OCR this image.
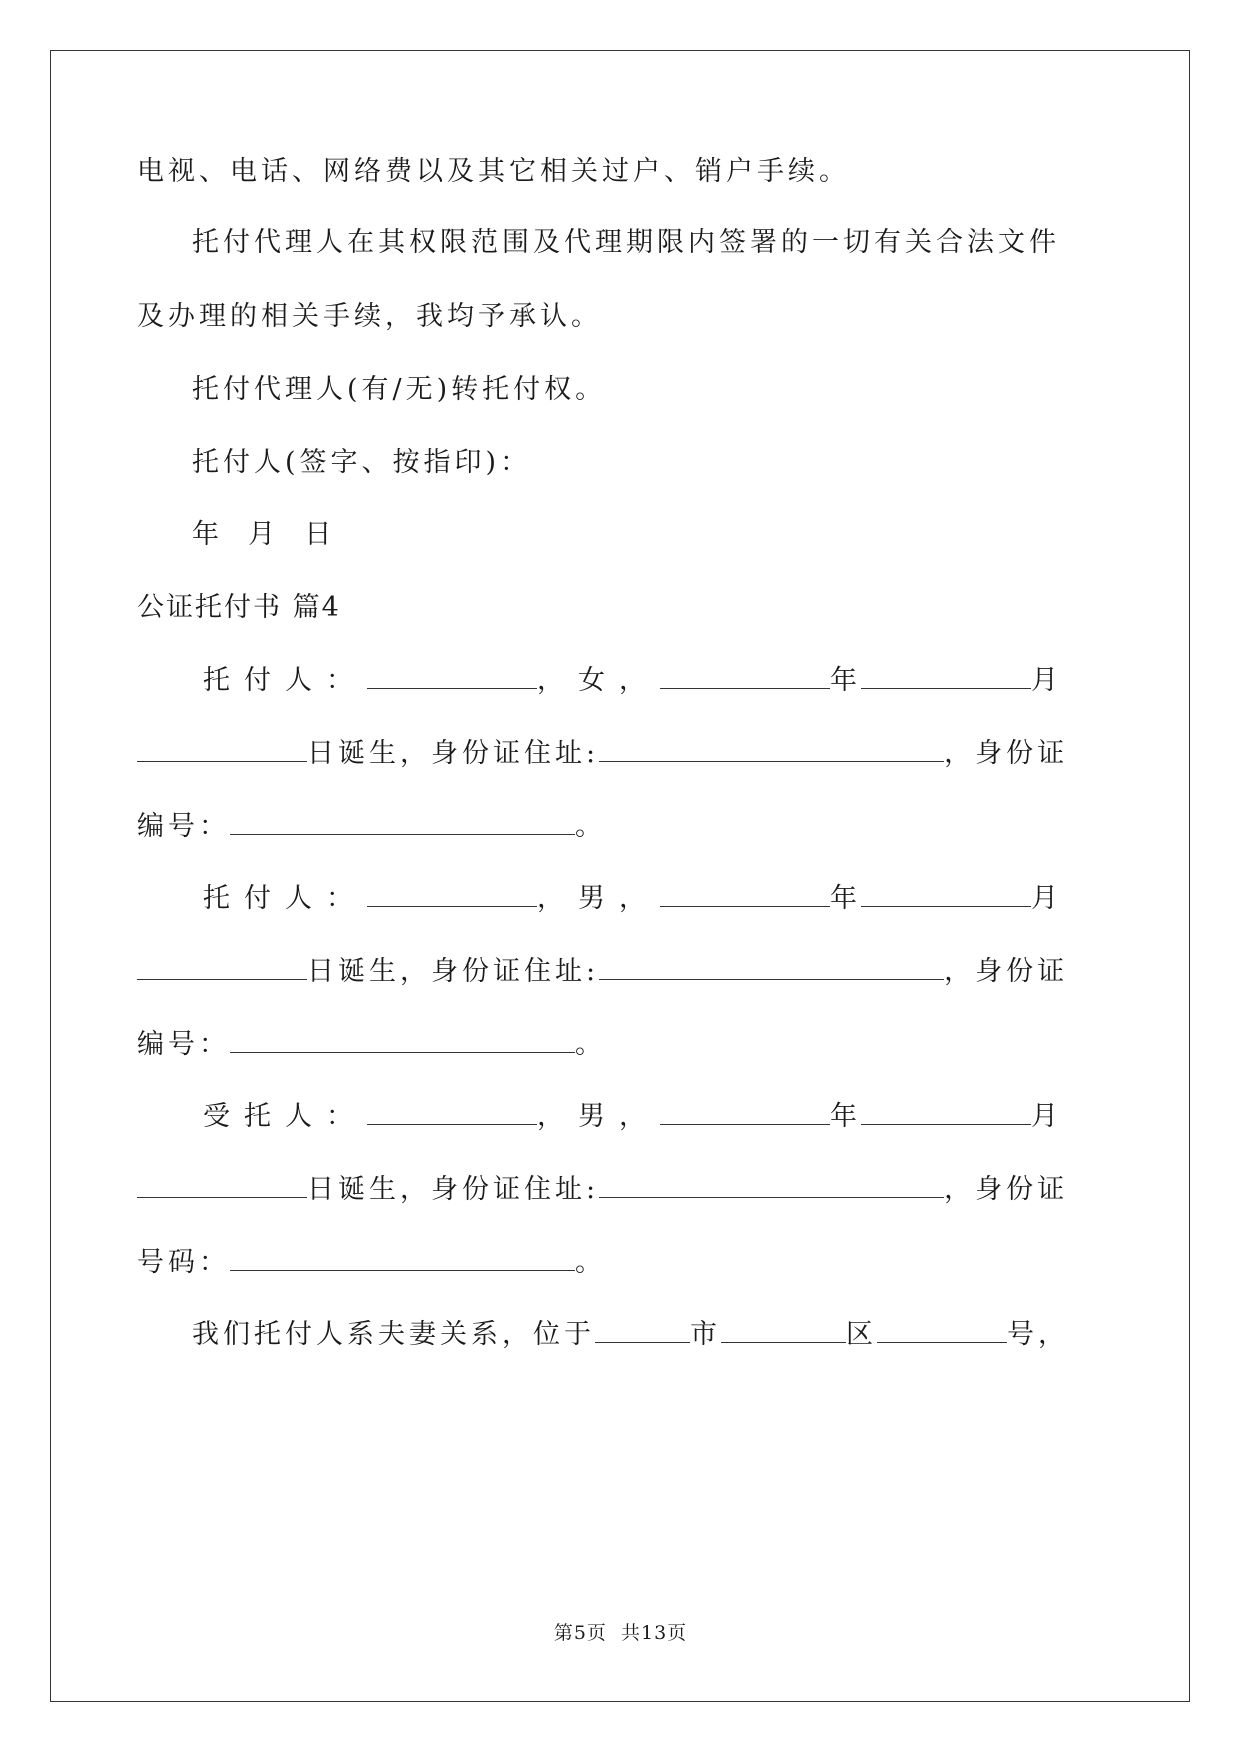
电视、电话、网络费以及其它相关过户、销户手续。
托付代理人在其权限范围及代理期限内签署的一切有关合法文件
及办理的相关手续，我均予承认。
托付代理人(有/无)转托付权。
托付人(签字、按指印)：
年  月  日
公证托付书 篇4
托付人：	，女，	年	月
日诞生，身份证住址:	，身份证
编号：	。
托付人：	，男，	年	月
日诞生，身份证住址:	，身份证
编号：	。
受托人：	，男，	年	月
日诞生，身份证住址:	，身份证
号码：	。
我们托付人系夫妻关系，位于	市	区	号，
第5页  共13页
